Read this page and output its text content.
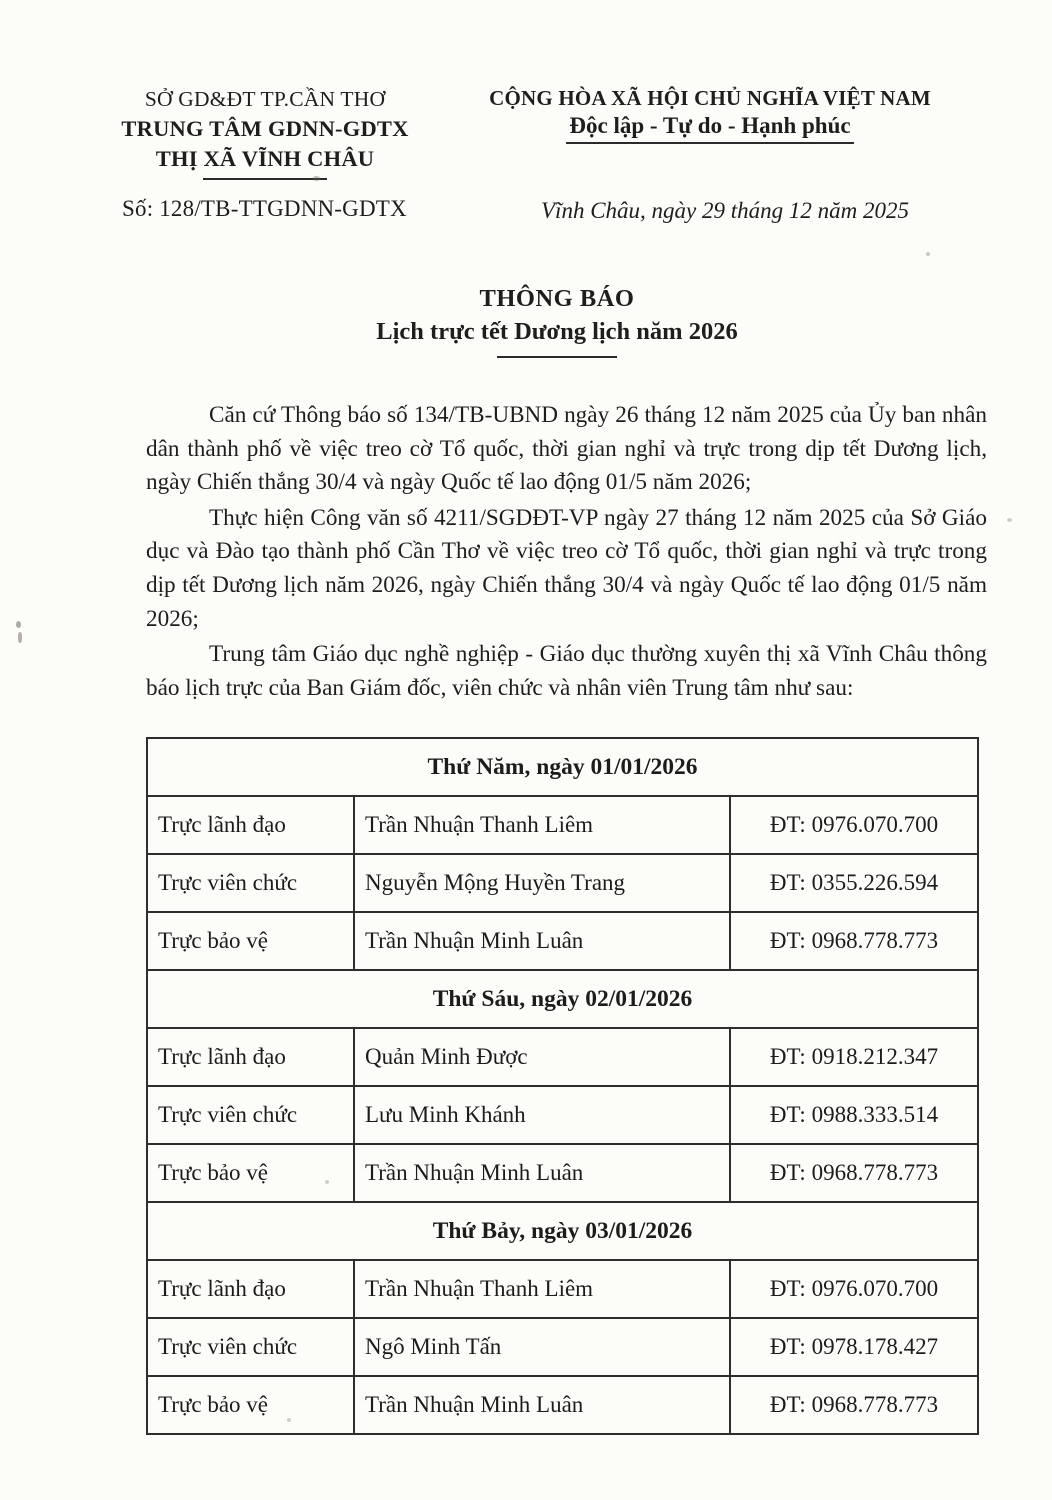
SỞ GD&ĐT TP.CẦN THƠ
TRUNG TÂM GDNN-GDTX
THỊ XÃ VĨNH CHÂU
Số: 128/TB-TTGDNN-GDTX
CỘNG HÒA XÃ HỘI CHỦ NGHĨA VIỆT NAM
Độc lập - Tự do - Hạnh phúc
Vĩnh Châu, ngày 29 tháng 12 năm 2025
THÔNG BÁO
Lịch trực tết Dương lịch năm 2026

Căn cứ Thông báo số 134/TB-UBND ngày 26 tháng 12 năm 2025 của Ủy ban nhân dân thành phố về việc treo cờ Tổ quốc, thời gian nghỉ và trực trong dịp tết Dương lịch, ngày Chiến thắng 30/4 và ngày Quốc tế lao động 01/5 năm 2026;

Thực hiện Công văn số 4211/SGDĐT-VP ngày 27 tháng 12 năm 2025 của Sở Giáo dục và Đào tạo thành phố Cần Thơ về việc treo cờ Tổ quốc, thời gian nghỉ và trực trong dịp tết Dương lịch năm 2026, ngày Chiến thắng 30/4 và ngày Quốc tế lao động 01/5 năm 2026;

Trung tâm Giáo dục nghề nghiệp - Giáo dục thường xuyên thị xã Vĩnh Châu thông báo lịch trực của Ban Giám đốc, viên chức và nhân viên Trung tâm như sau:

Thứ Năm, ngày 01/01/2026		
Trực lãnh đạo	Trần Nhuận Thanh Liêm	ĐT: 0976.070.700
Trực viên chức	Nguyễn Mộng Huyền Trang	ĐT: 0355.226.594
Trực bảo vệ	Trần Nhuận Minh Luân	ĐT: 0968.778.773
Thứ Sáu, ngày 02/01/2026		
Trực lãnh đạo	Quản Minh Được	ĐT: 0918.212.347
Trực viên chức	Lưu Minh Khánh	ĐT: 0988.333.514
Trực bảo vệ	Trần Nhuận Minh Luân	ĐT: 0968.778.773
Thứ Bảy, ngày 03/01/2026		
Trực lãnh đạo	Trần Nhuận Thanh Liêm	ĐT: 0976.070.700
Trực viên chức	Ngô Minh Tấn	ĐT: 0978.178.427
Trực bảo vệ	Trần Nhuận Minh Luân	ĐT: 0968.778.773
